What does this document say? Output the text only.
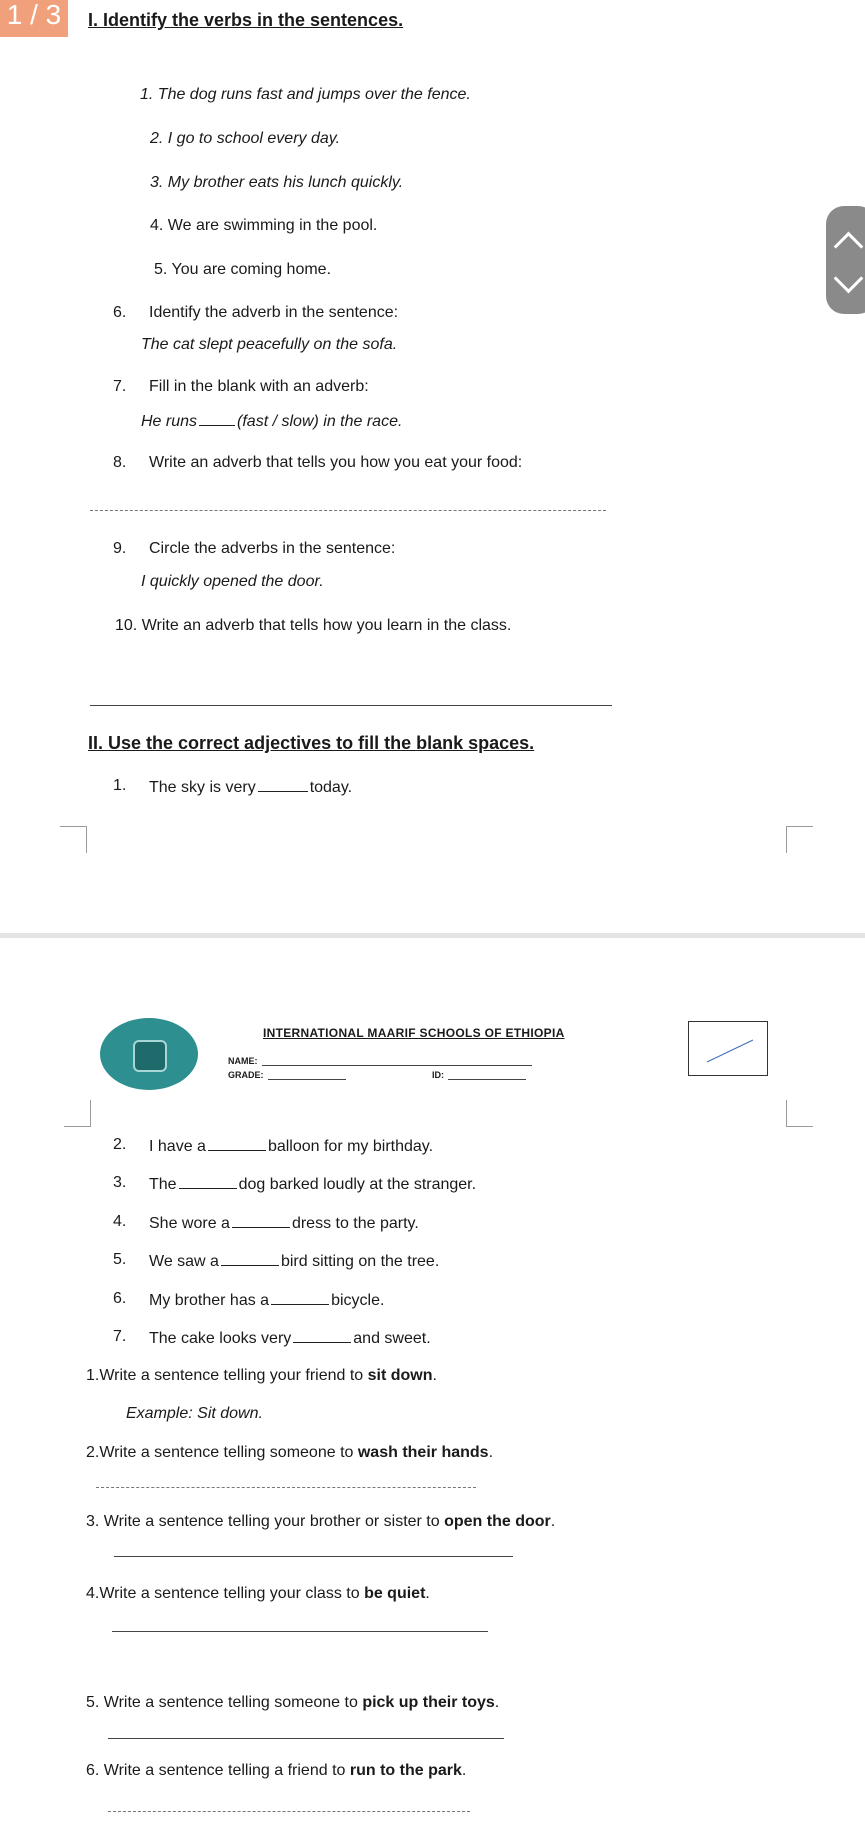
1 / 3	I. Identify the verbs in the sentences.
1. The dog runs fast and jumps over the fence.
2. I go to school every day.
3. My brother eats his lunch quickly.
4. We are swimming in the pool.
5. You are coming home.
6. Identify the adverb in the sentence:
The cat slept peacefully on the sofa.
7. Fill in the blank with an adverb:
He runs	(fast / slow) in the race.
8. Write an adverb that tells you how you eat your food:
9. Circle the adverbs in the sentence:
I quickly opened the door.
10. Write an adverb that tells how you learn in the class.
II. Use the correct adjectives to fill the blank spaces.
1. The sky is very	today.
INTERNATIONAL MAARIF SCHOOLS OF ETHIOPIA
NAME:
GRADE:	ID:
2. I have a	balloon for my birthday.
3. The	dog barked loudly at the stranger.
4. She wore a	dress to the party.
5. We saw a	bird sitting on the tree.
6. My brother has a	bicycle.
7. The cake looks very	and sweet.
1.Write a sentence telling your friend to sit down.
Example: Sit down.
2.Write a sentence telling someone to wash their hands.
3. Write a sentence telling your brother or sister to open the door.
4.Write a sentence telling your class to be quiet.
5. Write a sentence telling someone to pick up their toys.
6. Write a sentence telling a friend to run to the park.
